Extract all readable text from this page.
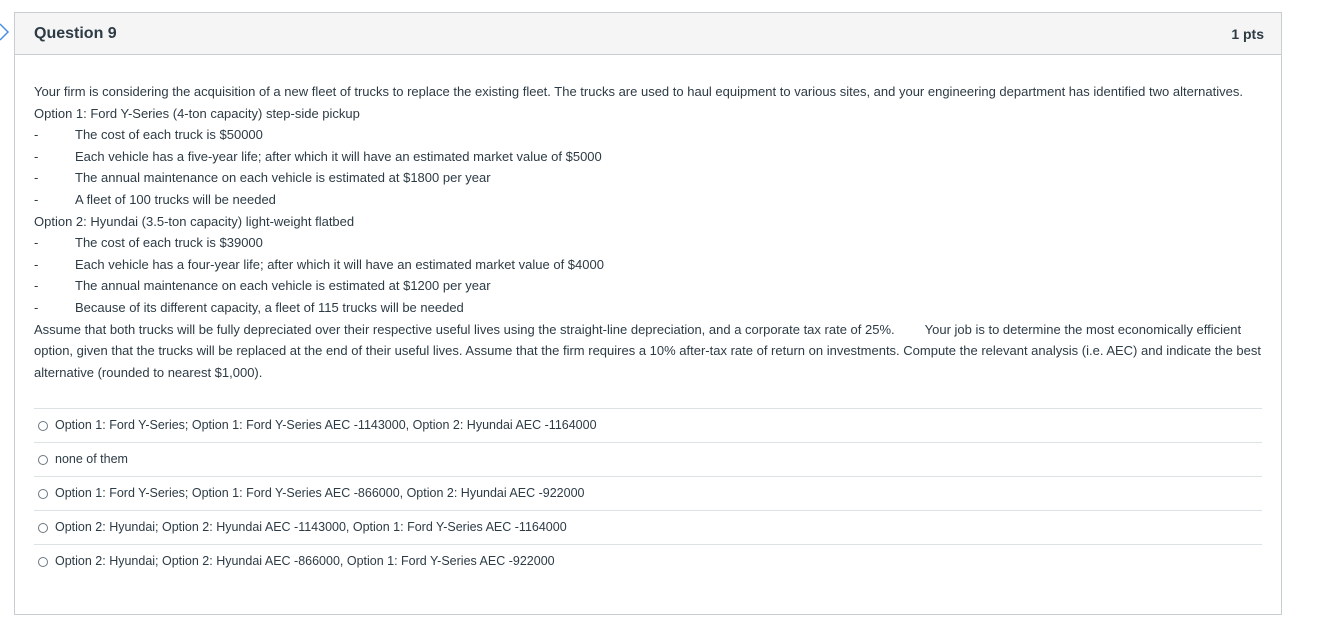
Question 9	1 pts

Your firm is considering the acquisition of a new fleet of trucks to replace the existing fleet. The trucks are used to haul equipment to various sites, and your engineering department has identified two alternatives.

Option 1: Ford Y-Series (4-ton capacity) step-side pickup

-	The cost of each truck is $50000
-	Each vehicle has a five-year life; after which it will have an estimated market value of $5000
-	The annual maintenance on each vehicle is estimated at $1800 per year
-	A fleet of 100 trucks will be needed

Option 2: Hyundai (3.5-ton capacity) light-weight flatbed

-	The cost of each truck is $39000
-	Each vehicle has a four-year life; after which it will have an estimated market value of $4000
-	The annual maintenance on each vehicle is estimated at $1200 per year
-	Because of its different capacity, a fleet of 115 trucks will be needed

Assume that both trucks will be fully depreciated over their respective useful lives using the straight-line depreciation, and a corporate tax rate of 25%. Your job is to determine the most economically efficient option, given that the trucks will be replaced at the end of their useful lives. Assume that the firm requires a 10% after-tax rate of return on investments. Compute the relevant analysis (i.e. AEC) and indicate the best alternative (rounded to nearest $1,000).

Option 1: Ford Y-Series; Option 1: Ford Y-Series AEC -1143000, Option 2: Hyundai AEC -1164000
none of them
Option 1: Ford Y-Series; Option 1: Ford Y-Series AEC -866000, Option 2: Hyundai AEC -922000
Option 2: Hyundai; Option 2: Hyundai AEC -1143000, Option 1: Ford Y-Series AEC -1164000
Option 2: Hyundai; Option 2: Hyundai AEC -866000, Option 1: Ford Y-Series AEC -922000
